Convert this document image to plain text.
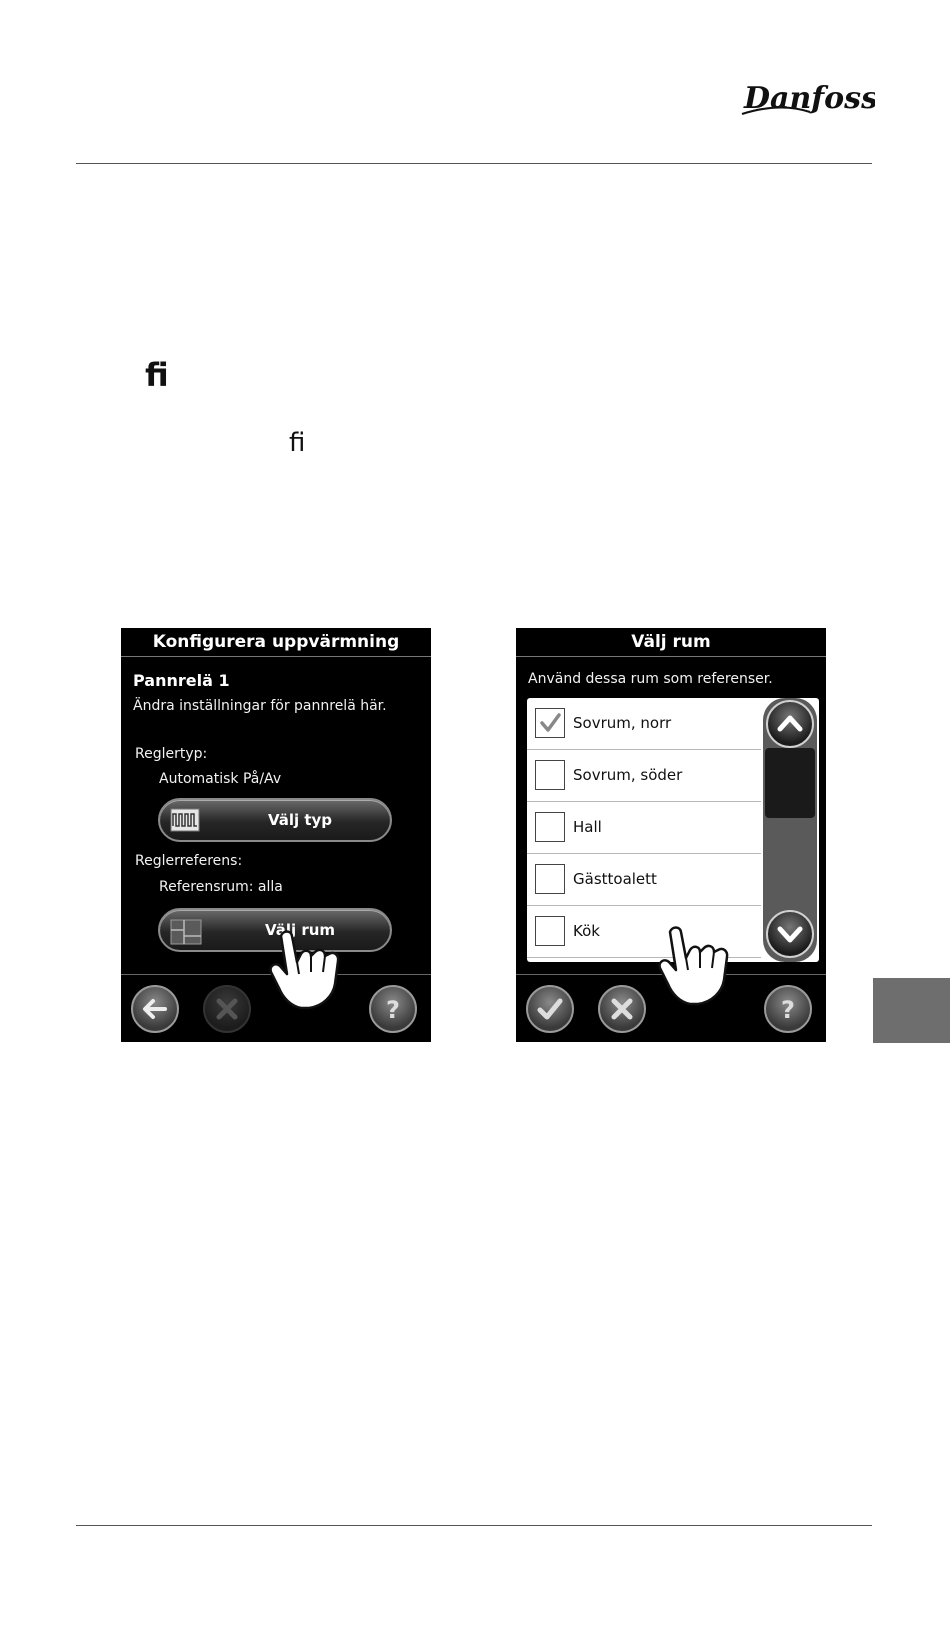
Danfoss
ﬁ
ﬁ
Konfigurera uppvärmning
Pannrelä 1
Ändra inställningar för pannrelä här.
Reglertyp:
Automatisk På/Av
Välj typ
Reglerreferens:
Referensrum: alla
Välj rum
?
Välj rum
Använd dessa rum som referenser.
Sovrum, norr
Sovrum, söder
Hall
Gästtoalett
Kök
?
